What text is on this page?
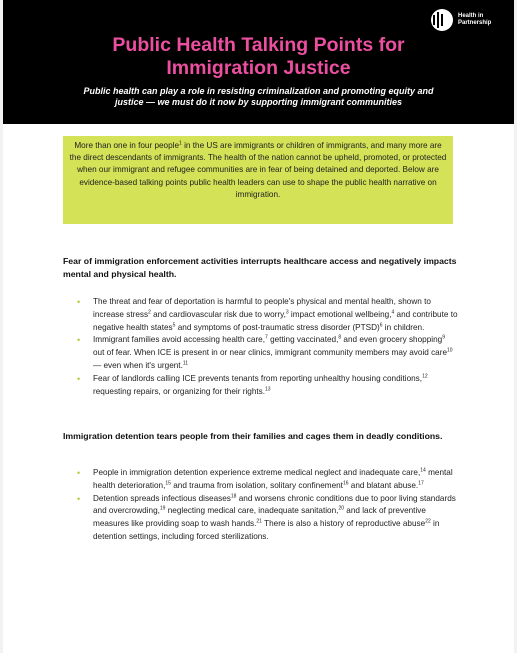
Health in
Partnership
Public Health Talking Points for
Immigration Justice
Public health can play a role in resisting criminalization and promoting equity and
justice — we must do it now by supporting immigrant communities
More than one in four people$^1$ in the US are immigrants or children of immigrants, and many more are the direct descendants of immigrants. The health of the nation cannot be upheld, promoted, or protected when our immigrant and refugee communities are in fear of being detained and deported. Below are evidence-based talking points public health leaders can use to shape the public health narrative on immigration.
Fear of immigration enforcement activities interrupts healthcare access and negatively impacts mental and physical health.
• The threat and fear of deportation is harmful to people's physical and mental health, shown to increase stress$^2$ and cardiovascular risk due to worry,$^3$ impact emotional wellbeing,$^4$ and contribute to negative health states$^5$ and symptoms of post-traumatic stress disorder (PTSD)$^6$ in children.
• Immigrant families avoid accessing health care,$^7$ getting vaccinated,$^8$ and even grocery shopping$^9$ out of fear. When ICE is present in or near clinics, immigrant community members may avoid care$^{10}$ — even when it's urgent.$^{11}$
• Fear of landlords calling ICE prevents tenants from reporting unhealthy housing conditions,$^{12}$ requesting repairs, or organizing for their rights.$^{13}$
Immigration detention tears people from their families and cages them in deadly conditions.
• People in immigration detention experience extreme medical neglect and inadequate care,$^{14}$ mental health deterioration,$^{15}$ and trauma from isolation, solitary confinement$^{16}$ and blatant abuse.$^{17}$
• Detention spreads infectious diseases$^{18}$ and worsens chronic conditions due to poor living standards and overcrowding,$^{19}$ neglecting medical care, inadequate sanitation,$^{20}$ and lack of preventive measures like providing soap to wash hands.$^{21}$ There is also a history of reproductive abuse$^{22}$ in detention settings, including forced sterilizations.
